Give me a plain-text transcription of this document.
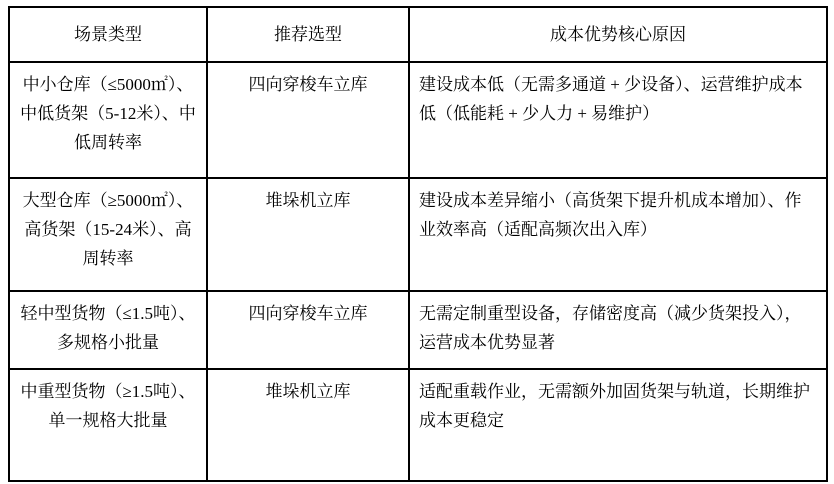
场景类型	推荐选型	成本优势核心原因
中小仓库（≤5000㎡）、中低货架（5-12米）、中低周转率	四向穿梭车立库	建设成本低（无需多通道 + 少设备）、运营维护成本低（低能耗 + 少人力 + 易维护）
大型仓库（≥5000㎡）、高货架（15-24米）、高周转率	堆垛机立库	建设成本差异缩小（高货架下提升机成本增加）、作业效率高（适配高频次出入库）
轻中型货物（≤1.5吨）、多规格小批量	四向穿梭车立库	无需定制重型设备，存储密度高（减少货架投入），运营成本优势显著
中重型货物（≥1.5吨）、单一规格大批量	堆垛机立库	适配重载作业，无需额外加固货架与轨道，长期维护成本更稳定
